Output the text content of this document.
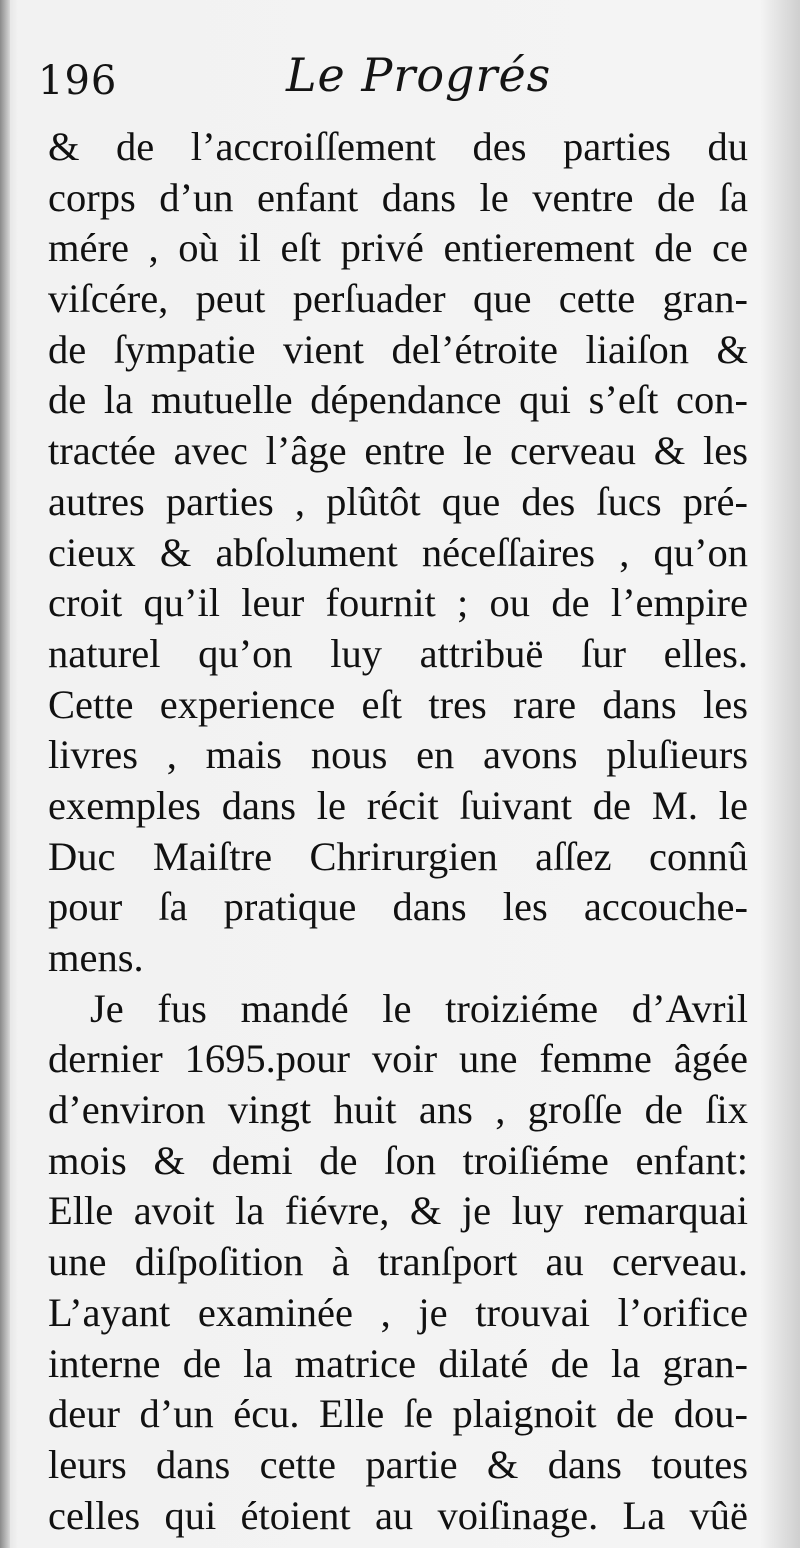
196	Le Progrés
& de l’accroiſſement des parties du
corps d’un enfant dans le ventre de ſa
mére , où il eſt privé entierement de ce
viſcére, peut perſuader que cette gran-
de ſympatie vient del’étroite liaiſon &
de la mutuelle dépendance qui s’eſt con-
tractée avec l’âge entre le cerveau & les
autres parties , plûtôt que des ſucs pré-
cieux & abſolument néceſſaires , qu’on
croit qu’il leur fournit ; ou de l’empire
naturel qu’on luy attribuë ſur elles.
Cette experience eſt tres rare dans les
livres , mais nous en avons pluſieurs
exemples dans le récit ſuivant de M. le
Duc Maiſtre Chrirurgien aſſez connû
pour ſa pratique dans les accouche-
mens.
Je fus mandé le troiziéme d’Avril
dernier 1695.pour voir une femme âgée
d’environ vingt huit ans , groſſe de ſix
mois & demi de ſon troiſiéme enfant:
Elle avoit la fiévre, & je luy remarquai
une diſpoſition à tranſport au cerveau.
L’ayant examinée , je trouvai l’orifice
interne de la matrice dilaté de la gran-
deur d’un écu. Elle ſe plaignoit de dou-
leurs dans cette partie & dans toutes
celles qui étoient au voiſinage. La vûë
